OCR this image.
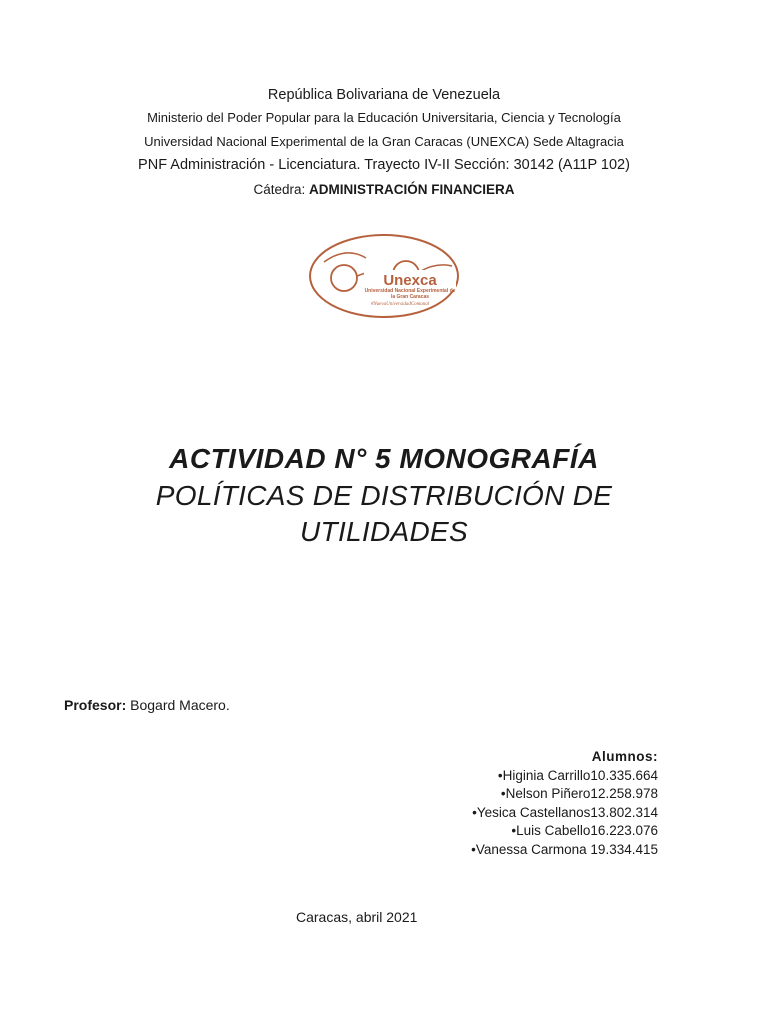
República Bolivariana de Venezuela

Ministerio del Poder Popular para la Educación Universitaria, Ciencia y Tecnología

Universidad Nacional Experimental de la Gran Caracas (UNEXCA) Sede Altagracia

PNF Administración - Licenciatura. Trayecto IV-II Sección: 30142 (A11P 102)

Cátedra: ADMINISTRACIÓN FINANCIERA

Unexca
Universidad Nacional Experimental de
la Gran Caracas
#NuevaUniversidadComunal

ACTIVIDAD N° 5 MONOGRAFÍA

POLÍTICAS DE DISTRIBUCIÓN DE

UTILIDADES

Profesor: Bogard Macero.
Alumnos:
•Higinia Carrillo10.335.664
•Nelson Piñero12.258.978
•Yesica Castellanos13.802.314
•Luis Cabello16.223.076
•Vanessa Carmona 19.334.415
Caracas, abril 2021
